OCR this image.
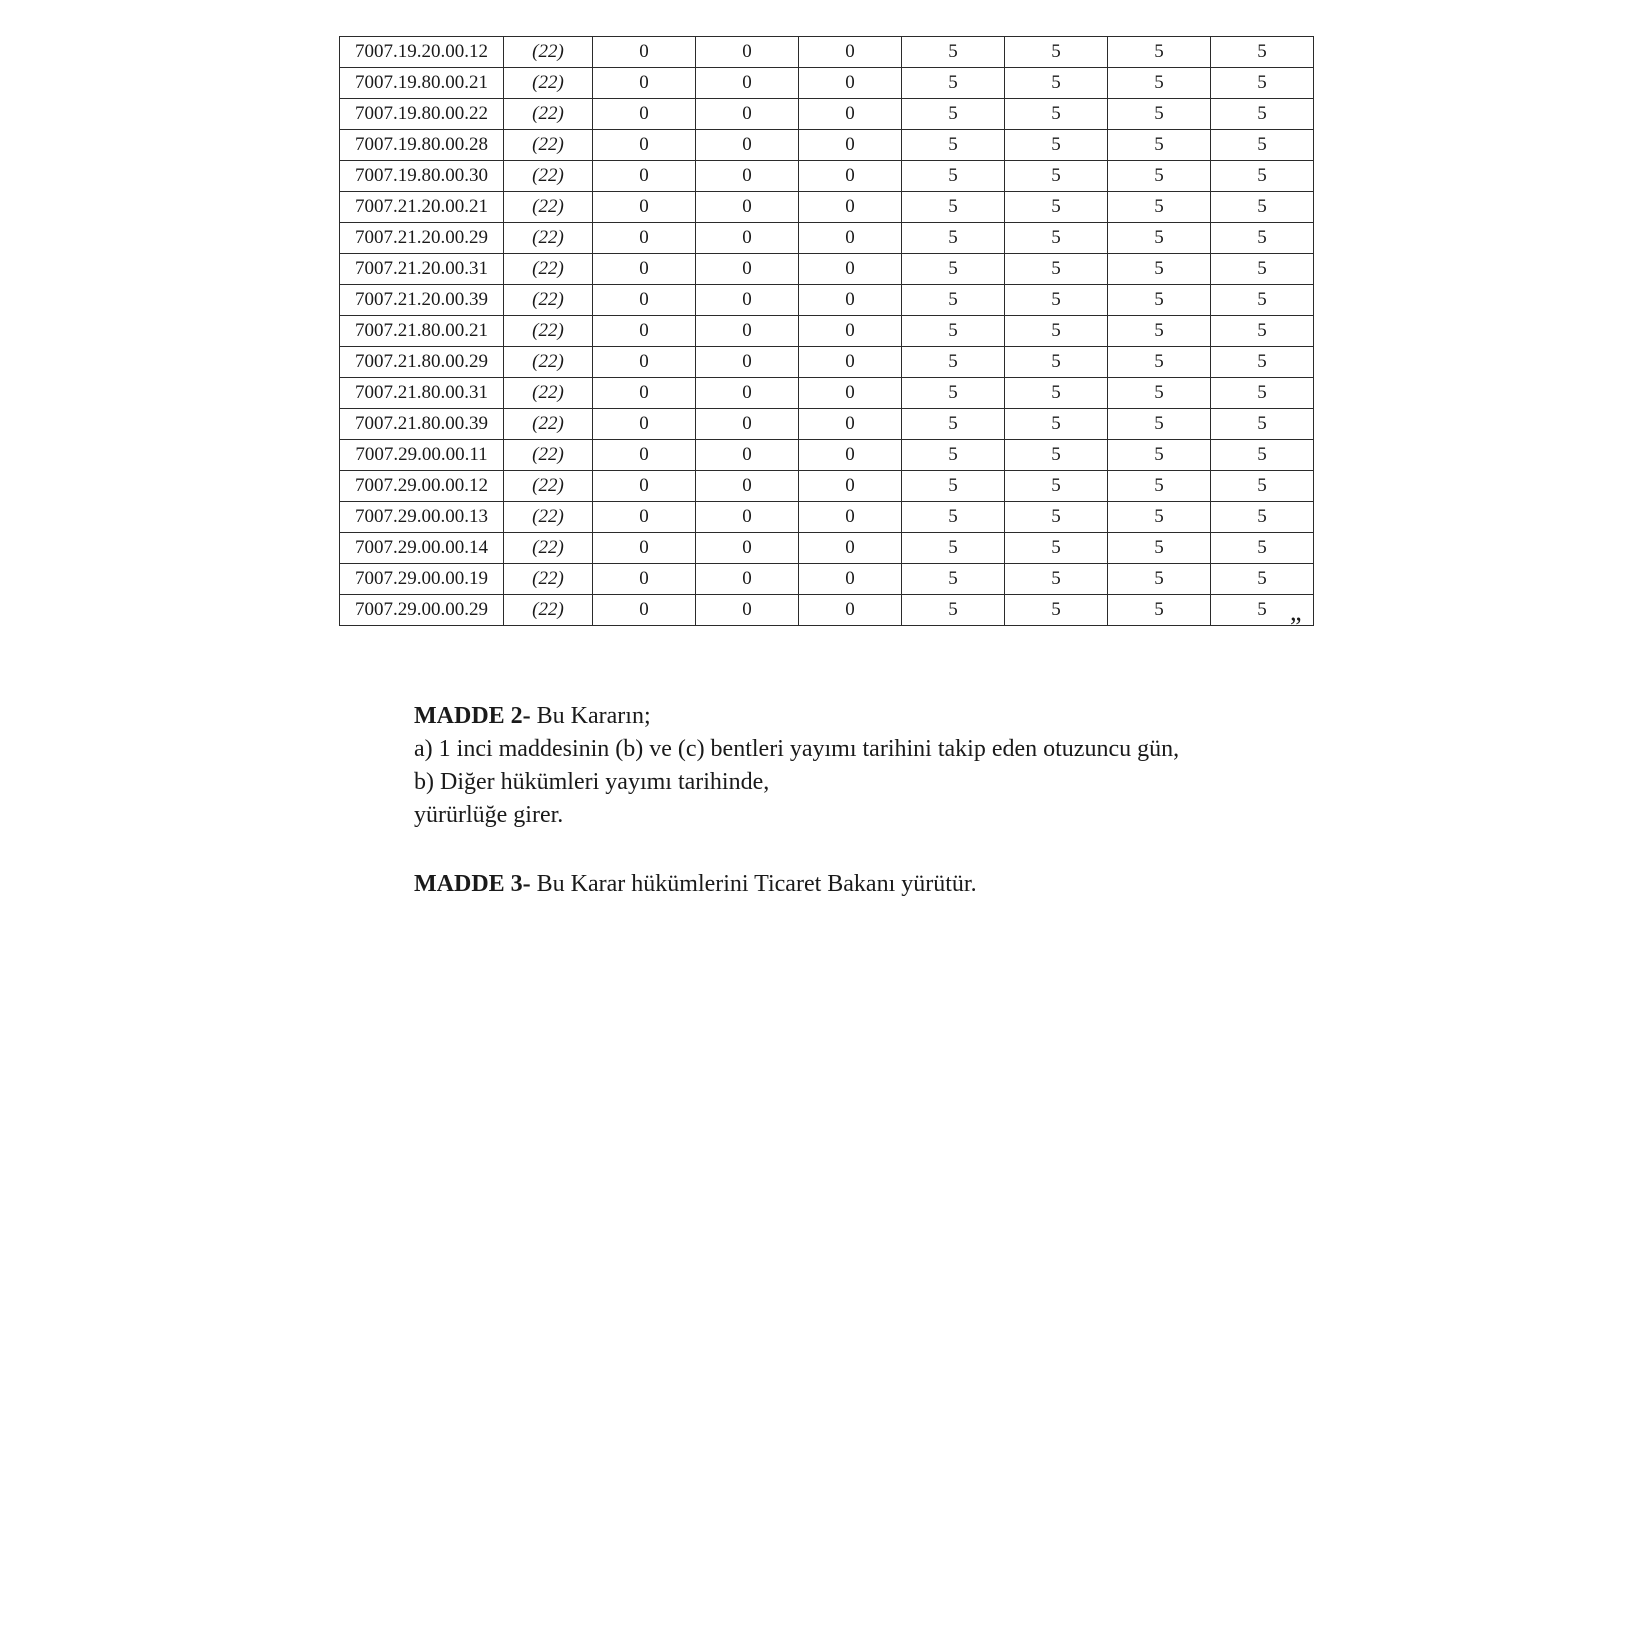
7007.19.20.00.12	(22)	0	0	0	5	5	5	5
7007.19.80.00.21	(22)	0	0	0	5	5	5	5
7007.19.80.00.22	(22)	0	0	0	5	5	5	5
7007.19.80.00.28	(22)	0	0	0	5	5	5	5
7007.19.80.00.30	(22)	0	0	0	5	5	5	5
7007.21.20.00.21	(22)	0	0	0	5	5	5	5
7007.21.20.00.29	(22)	0	0	0	5	5	5	5
7007.21.20.00.31	(22)	0	0	0	5	5	5	5
7007.21.20.00.39	(22)	0	0	0	5	5	5	5
7007.21.80.00.21	(22)	0	0	0	5	5	5	5
7007.21.80.00.29	(22)	0	0	0	5	5	5	5
7007.21.80.00.31	(22)	0	0	0	5	5	5	5
7007.21.80.00.39	(22)	0	0	0	5	5	5	5
7007.29.00.00.11	(22)	0	0	0	5	5	5	5
7007.29.00.00.12	(22)	0	0	0	5	5	5	5
7007.29.00.00.13	(22)	0	0	0	5	5	5	5
7007.29.00.00.14	(22)	0	0	0	5	5	5	5
7007.29.00.00.19	(22)	0	0	0	5	5	5	5
7007.29.00.00.29	(22)	0	0	0	5	5	5	5
”

MADDE 2- Bu Kararın;
a) 1 inci maddesinin (b) ve (c) bentleri yayımı tarihini takip eden otuzuncu gün,
b) Diğer hükümleri yayımı tarihinde,
yürürlüğe girer.

MADDE 3- Bu Karar hükümlerini Ticaret Bakanı yürütür.
